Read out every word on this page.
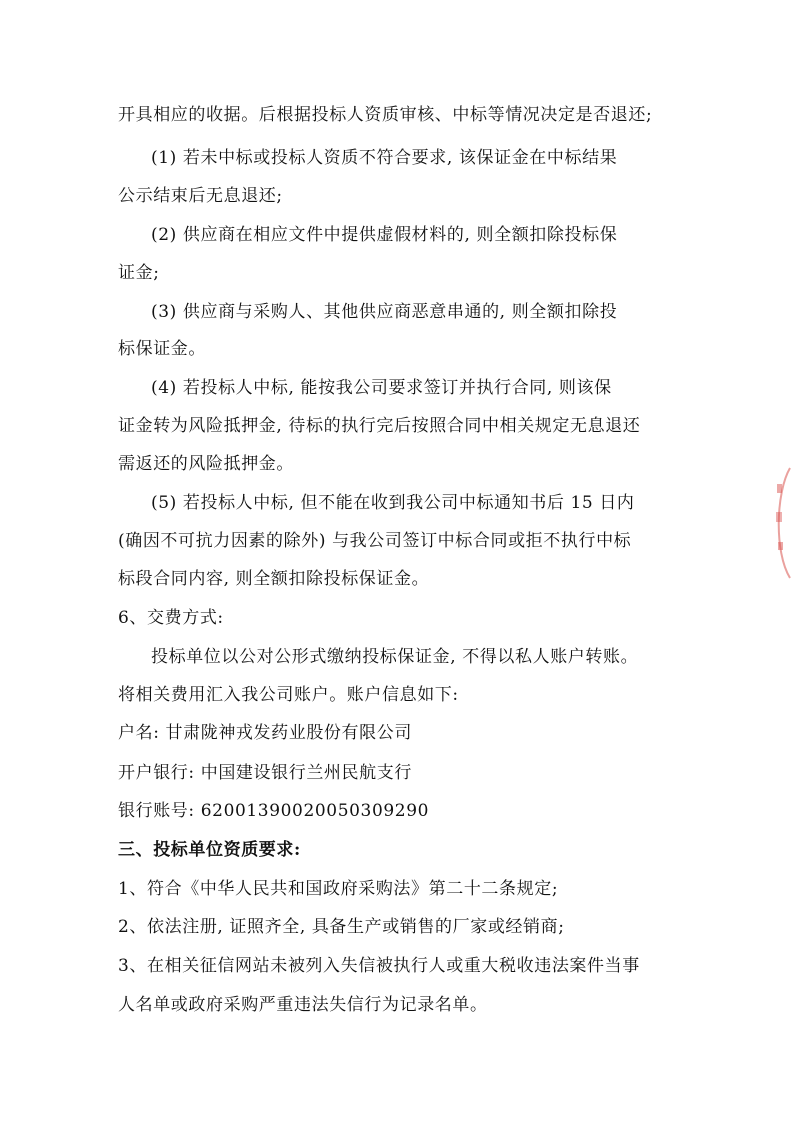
开具相应的收据。后根据投标人资质审核、中标等情况决定是否退还;
(1) 若未中标或投标人资质不符合要求, 该保证金在中标结果
公示结束后无息退还;
(2) 供应商在相应文件中提供虚假材料的, 则全额扣除投标保
证金;
(3) 供应商与采购人、其他供应商恶意串通的, 则全额扣除投
标保证金。
(4) 若投标人中标, 能按我公司要求签订并执行合同, 则该保
证金转为风险抵押金, 待标的执行完后按照合同中相关规定无息退还
需返还的风险抵押金。
(5) 若投标人中标, 但不能在收到我公司中标通知书后 15 日内
(确因不可抗力因素的除外) 与我公司签订中标合同或拒不执行中标
标段合同内容, 则全额扣除投标保证金。
6、交费方式:
投标单位以公对公形式缴纳投标保证金, 不得以私人账户转账。
将相关费用汇入我公司账户。账户信息如下:
户名: 甘肃陇神戎发药业股份有限公司
开户银行: 中国建设银行兰州民航支行
银行账号: 62001390020050309290
三、投标单位资质要求:
1、符合《中华人民共和国政府采购法》第二十二条规定;
2、依法注册, 证照齐全, 具备生产或销售的厂家或经销商;
3、在相关征信网站未被列入失信被执行人或重大税收违法案件当事
人名单或政府采购严重违法失信行为记录名单。
